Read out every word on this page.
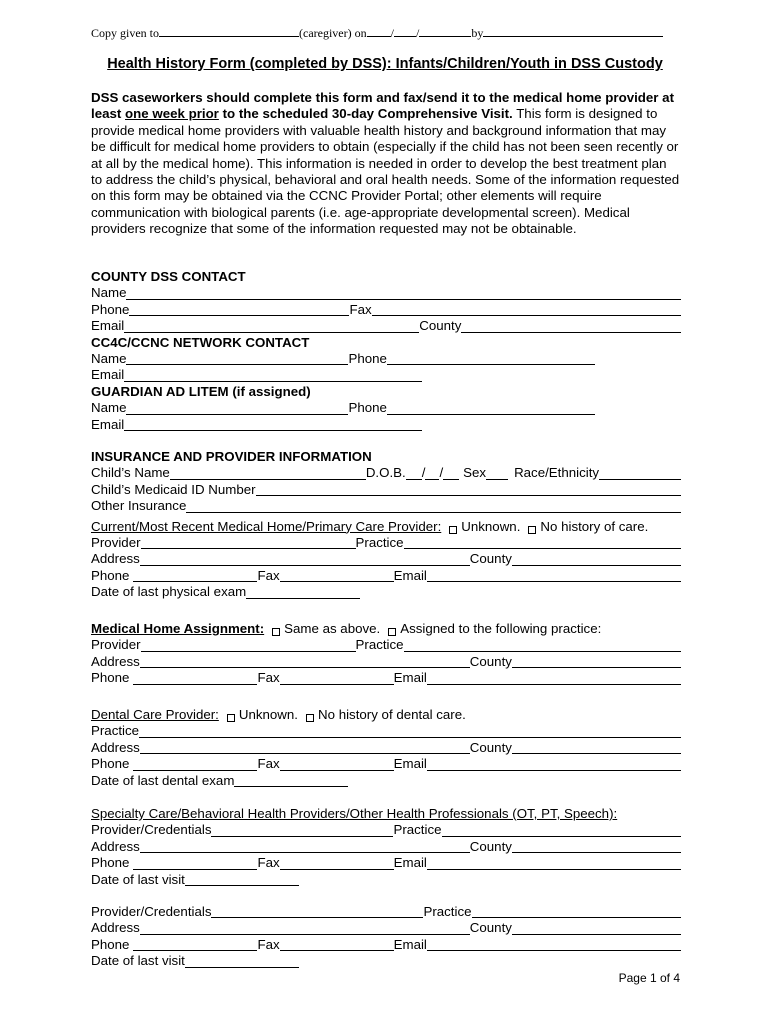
Copy given to	(caregiver) on / /	by
Health History Form (completed by DSS): Infants/Children/Youth in DSS Custody
DSS caseworkers should complete this form and fax/send it to the medical home provider at least one week prior to the scheduled 30-day Comprehensive Visit. This form is designed to provide medical home providers with valuable health history and background information that may be difficult for medical home providers to obtain (especially if the child has not been seen recently or at all by the medical home). This information is needed in order to develop the best treatment plan to address the child’s physical, behavioral and oral health needs. Some of the information requested on this form may be obtained via the CCNC Provider Portal; other elements will require communication with biological parents (i.e. age-appropriate developmental screen). Medical providers recognize that some of the information requested may not be obtainable.
COUNTY DSS CONTACT
Name
Phone	Fax
Email	County
CC4C/CCNC NETWORK CONTACT
Name	Phone
Email
GUARDIAN AD LITEM (if assigned)
Name	Phone
Email
INSURANCE AND PROVIDER INFORMATION
Child’s Name	D.O.B. / / Sex Race/Ethnicity
Child’s Medicaid ID Number
Other Insurance
Current/Most Recent Medical Home/Primary Care Provider: Unknown. No history of care.
Provider	Practice
Address	County
Phone	Fax	Email
Date of last physical exam
Medical Home Assignment: Same as above. Assigned to the following practice:
Provider	Practice
Address	County
Phone	Fax	Email
Dental Care Provider: Unknown. No history of dental care.
Practice
Address	County
Phone	Fax	Email
Date of last dental exam
Specialty Care/Behavioral Health Providers/Other Health Professionals (OT, PT, Speech):
Provider/Credentials	Practice
Address	County
Phone	Fax	Email
Date of last visit
Provider/Credentials	Practice
Address	County
Phone	Fax	Email
Date of last visit
Page 1 of 4
